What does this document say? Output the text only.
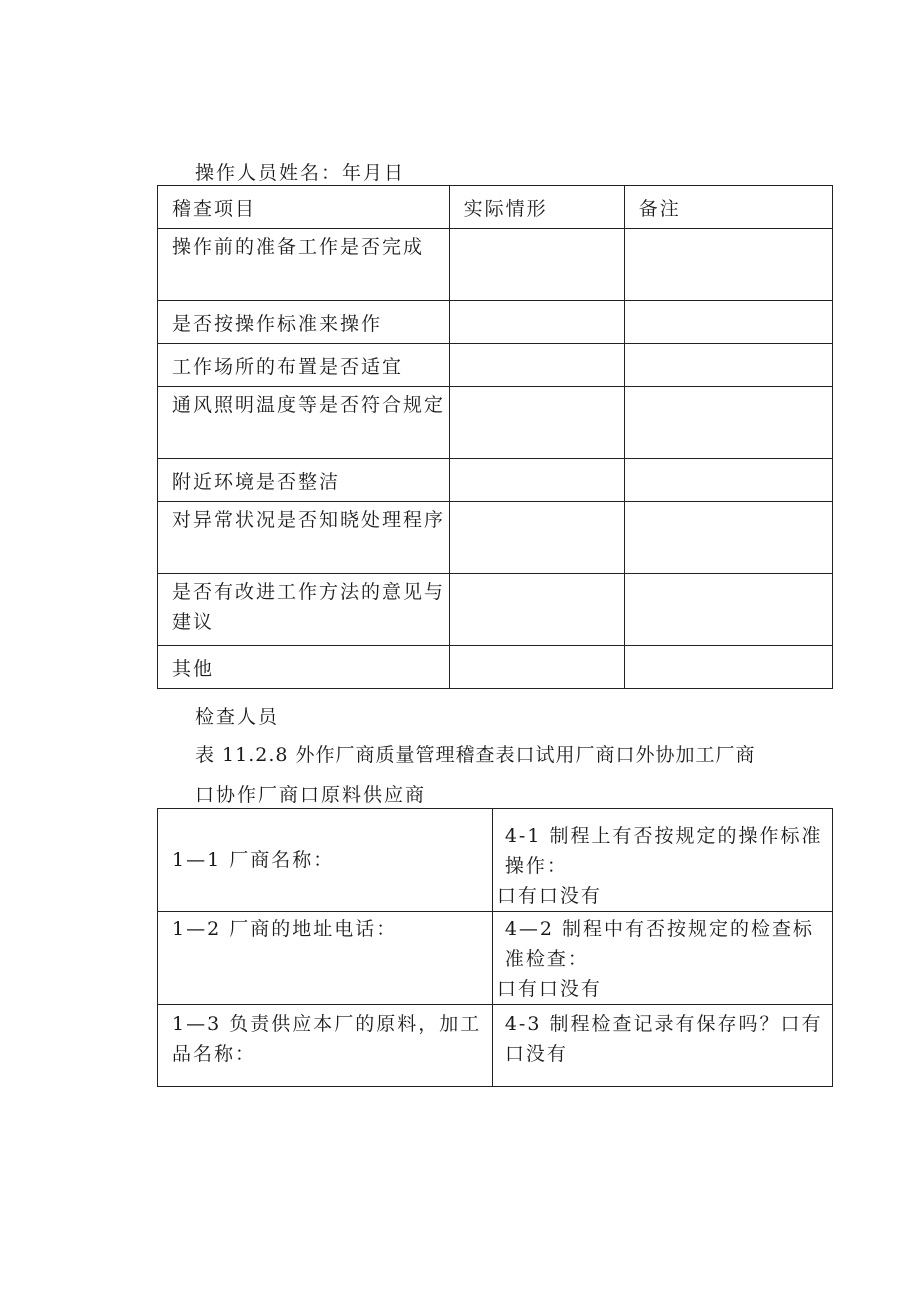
操作人员姓名：年月日
稽查项目	实际情形	备注
操作前的准备工作是否完成		
是否按操作标准来操作		
工作场所的布置是否适宜		
通风照明温度等是否符合规定		
附近环境是否整洁		
对异常状况是否知晓处理程序		
是否有改进工作方法的意见与建议		
其他		
检查人员
表 11.2.8 外作厂商质量管理稽查表口试用厂商口外协加工厂商
口协作厂商口原料供应商
1—1 厂商名称：	4-1 制程上有否按规定的操作标准操作：
口有口没有

1—2 厂商的地址电话：	4—2 制程中有否按规定的检查标准检查：
口有口没有

1—3 负责供应本厂的原料，加工品名称：	4-3 制程检查记录有保存吗？口有口没有
